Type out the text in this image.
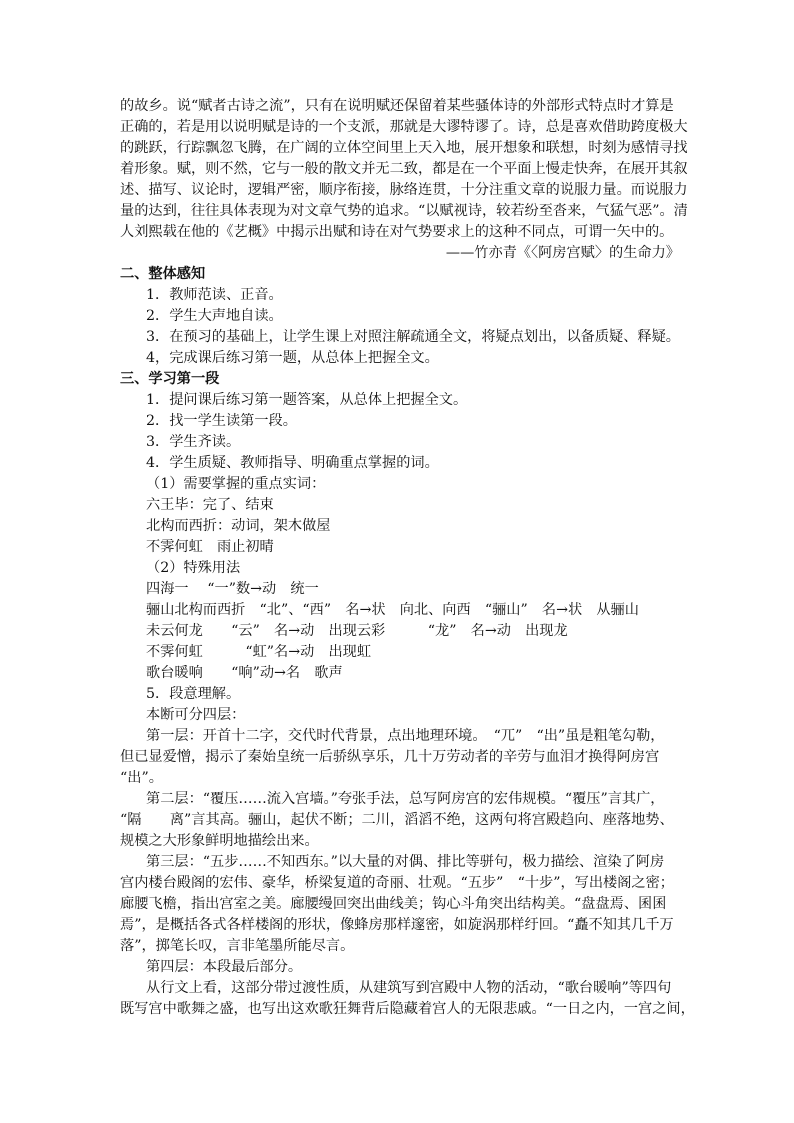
的故乡。说“赋者古诗之流”，只有在说明赋还保留着某些骚体诗的外部形式特点时才算是
正确的，若是用以说明赋是诗的一个支派，那就是大谬特谬了。诗，总是喜欢借助跨度极大
的跳跃，行踪飘忽飞腾，在广阔的立体空间里上天入地，展开想象和联想，时刻为感情寻找
着形象。赋，则不然，它与一般的散文并无二致，都是在一个平面上慢走快奔，在展开其叙
述、描写、议论时，逻辑严密，顺序衔接，脉络连贯，十分注重文章的说服力量。而说服力
量的达到，往往具体表现为对文章气势的追求。“以赋视诗，较若纷至沓来，气猛气恶”。清
人刘熙载在他的《艺概》中揭示出赋和诗在对气势要求上的这种不同点，可谓一矢中的。
——竹亦青《〈阿房宫赋〉的生命力》
二、整体感知
1．教师范读、正音。
2．学生大声地自读。
3．在预习的基础上，让学生课上对照注解疏通全文，将疑点划出，以备质疑、释疑。
4，完成课后练习第一题，从总体上把握全文。
三、学习第一段
1．提问课后练习第一题答案，从总体上把握全文。
2．找一学生读第一段。
3．学生齐读。
4．学生质疑、教师指导、明确重点掌握的词。
（1）需要掌握的重点实词：
六王毕：完了、结束
北构而西折：动词，架木做屋
不霁何虹　雨止初晴
（2）特殊用法
四海一　 “一”数→动　统一
骊山北构而西折　“北”、“西”　名→状　向北、向西　“骊山”　名→状　从骊山
未云何龙　　“云”　名→动　出现云彩　　　“龙”　名→动　出现龙
不霁何虹　　　“虹”名→动　出现虹
歌台暖响　　“响”动→名　歌声
5．段意理解。
本断可分四层：
第一层：开首十二字，交代时代背景，点出地理环境。　“兀”　“出”虽是粗笔勾勒，
但已显爱憎，揭示了秦始皇统一后骄纵享乐，几十万劳动者的辛劳与血泪才换得阿房宫
“出”。
第二层：“覆压……流入宫墙。”夸张手法，总写阿房宫的宏伟规模。“覆压”言其广，
“隔　　离”言其高。骊山，起伏不断；二川，滔滔不绝，这两句将宫殿趋向、座落地势、
规模之大形象鲜明地描绘出来。
第三层：“五步……不知西东。”以大量的对偶、排比等骈句，极力描绘、渲染了阿房
宫内楼台殿阁的宏伟、豪华，桥梁复道的奇丽、壮观。“五步”　“十步”，写出楼阁之密；
廊腰飞檐，指出宫室之美。廊腰缦回突出曲线美；钩心斗角突出结构美。“盘盘焉、囷囷
焉”，是概括各式各样楼阁的形状，像蜂房那样邃密，如旋涡那样纡回。“矗不知其几千万
落”，掷笔长叹，言非笔墨所能尽言。
第四层：本段最后部分。
从行文上看，这部分带过渡性质，从建筑写到宫殿中人物的活动，“歌台暖响”等四句
既写宫中歌舞之盛，也写出这欢歌狂舞背后隐藏着宫人的无限悲戚。“一日之内，一宫之间，
